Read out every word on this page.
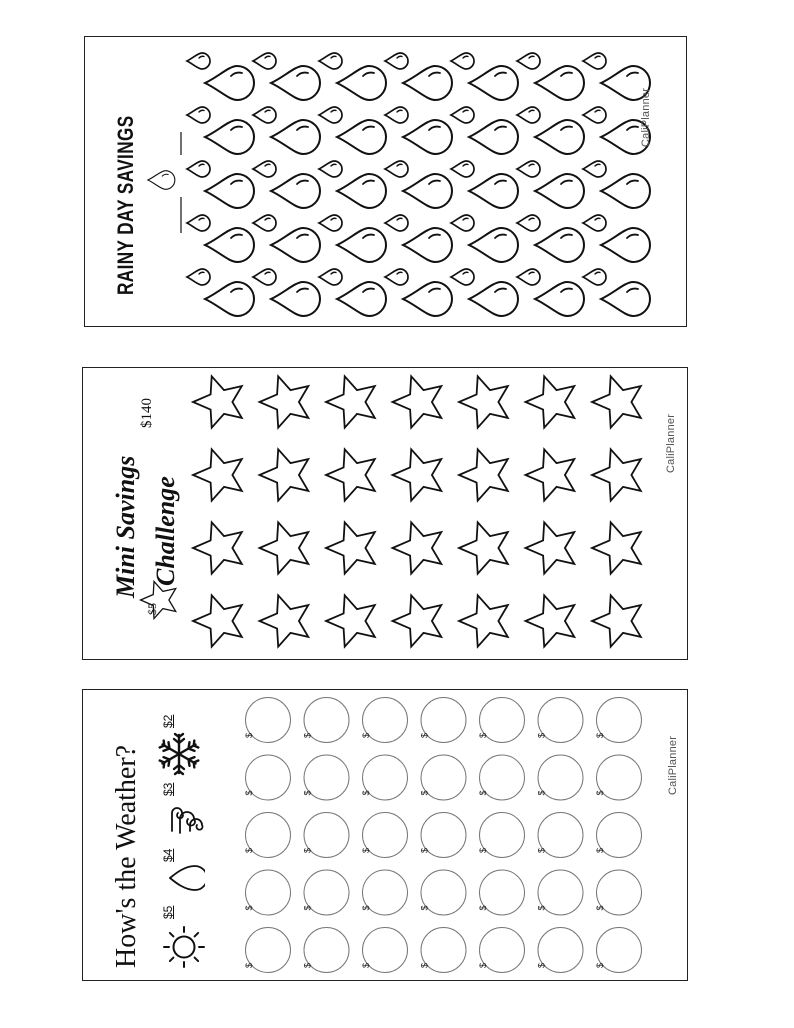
RAINY DAY SAVINGS	CaliPlanner
Mini Savings Challenge
$140
$5
CaliPlanner
$	$	$	$	$	$	$
$	$	$	$	$	$	$
$	$	$	$	$	$	$
$	$	$	$	$	$	$
$	$	$	$	$	$	$
How's the Weather? $5
$4
$3
$2
CaliPlanner
